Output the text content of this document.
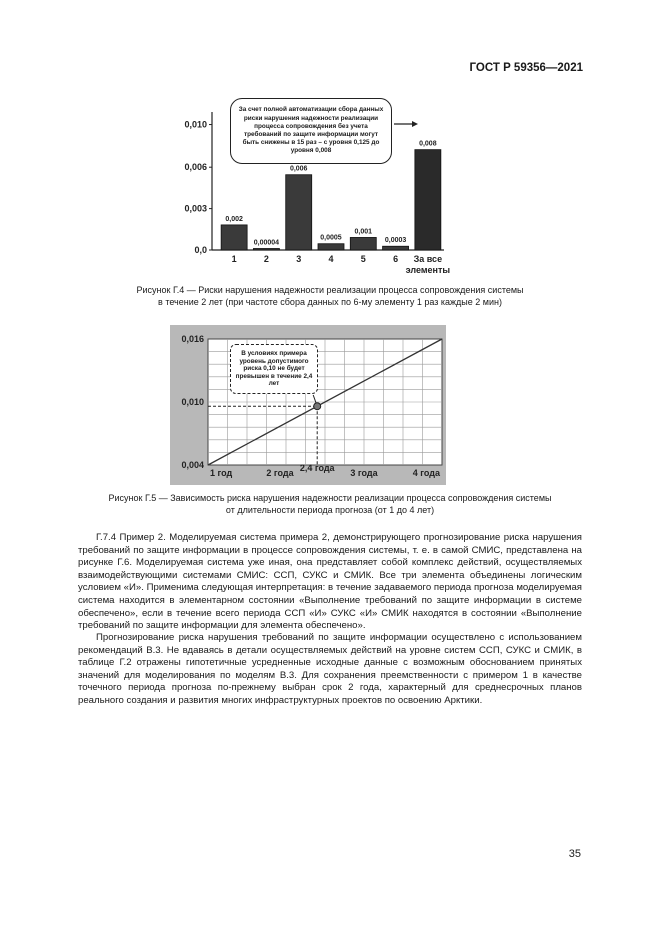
ГОСТ Р 59356—2021
0,010
0,006
0,003
0,0
0,002
1
0,00004
2
0,006
3
0,0005
4
0,001
5
0,0003
6
0,008
За все
элементы
За счет полной автоматизации сбора данных риски нарушения надежности реализации процесса сопровождения без учета требований по защите информации могут быть снижены в 15 раз – с уровня 0,125 до уровня 0,008
Рисунок Г.4 — Риски нарушения надежности реализации процесса сопровождения системы
в течение 2 лет (при частоте сбора данных по 6-му элементу 1 раз каждые 2 мин)
0,016
0,010
0,004
1 год	2 года 2,4 года 3 года	4 года
В условиях примера уровень допустимого риска 0,10 не будет превышен в течение 2,4 лет
Рисунок Г.5 — Зависимость риска нарушения надежности реализации процесса сопровождения системы
от длительности периода прогноза (от 1 до 4 лет)

Г.7.4 Пример 2. Моделируемая система примера 2, демонстрирующего прогнозирование риска нарушения требований по защите информации в процессе сопровождения системы, т. е. в самой СМИС, представлена на рисунке Г.6. Моделируемая система уже иная, она представляет собой комплекс действий, осуществляемых взаимодействующими системами СМИС: ССП, СУКС и СМИК. Все три элемента объединены логическим условием «И». Применима следующая интерпретация: в течение задаваемого периода прогноза моделируемая система находится в элементарном состоянии «Выполнение требований по защите информации в системе обеспечено», если в течение всего периода ССП «И» СУКС «И» СМИК находятся в состоянии «Выполнение требований по защите информации для элемента обеспечено».

Прогнозирование риска нарушения требований по защите информации осуществлено с использованием рекомендаций В.3. Не вдаваясь в детали осуществляемых действий на уровне систем ССП, СУКС и СМИК, в таблице Г.2 отражены гипотетичные усредненные исходные данные с возможным обоснованием принятых значений для моделирования по моделям В.3. Для сохранения преемственности с примером 1 в качестве точечного периода прогноза по-прежнему выбран срок 2 года, характерный для среднесрочных планов реального создания и развития многих инфраструктурных проектов по освоению Арктики.

35
